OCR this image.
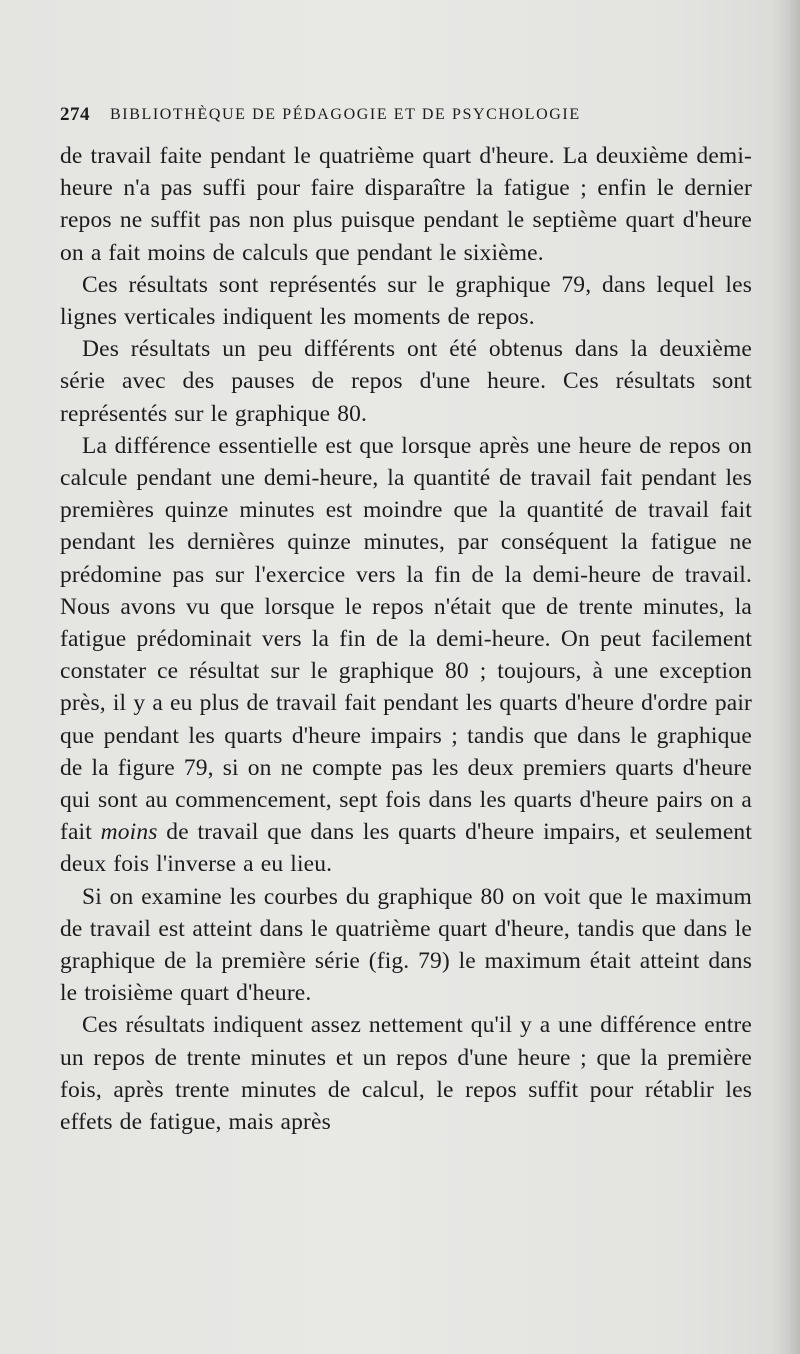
274 BIBLIOTHÈQUE DE PÉDAGOGIE ET DE PSYCHOLOGIE

de travail faite pendant le quatrième quart d'heure. La deuxième demi-heure n'a pas suffi pour faire disparaître la fatigue ; enfin le dernier repos ne suffit pas non plus puisque pendant le septième quart d'heure on a fait moins de calculs que pendant le sixième.

Ces résultats sont représentés sur le graphique 79, dans lequel les lignes verticales indiquent les moments de repos.

Des résultats un peu différents ont été obtenus dans la deuxième série avec des pauses de repos d'une heure. Ces résultats sont représentés sur le graphique 80.

La différence essentielle est que lorsque après une heure de repos on calcule pendant une demi-heure, la quantité de travail fait pendant les premières quinze minutes est moindre que la quantité de travail fait pendant les dernières quinze minutes, par conséquent la fatigue ne prédomine pas sur l'exercice vers la fin de la demi-heure de travail. Nous avons vu que lorsque le repos n'était que de trente minutes, la fatigue prédominait vers la fin de la demi-heure. On peut facilement constater ce résultat sur le graphique 80 ; toujours, à une exception près, il y a eu plus de travail fait pendant les quarts d'heure d'ordre pair que pendant les quarts d'heure impairs ; tandis que dans le graphique de la figure 79, si on ne compte pas les deux premiers quarts d'heure qui sont au commencement, sept fois dans les quarts d'heure pairs on a fait moins de travail que dans les quarts d'heure impairs, et seulement deux fois l'inverse a eu lieu.

Si on examine les courbes du graphique 80 on voit que le maximum de travail est atteint dans le quatrième quart d'heure, tandis que dans le graphique de la première série (fig. 79) le maximum était atteint dans le troisième quart d'heure.

Ces résultats indiquent assez nettement qu'il y a une différence entre un repos de trente minutes et un repos d'une heure ; que la première fois, après trente minutes de calcul, le repos suffit pour rétablir les effets de fatigue, mais après
